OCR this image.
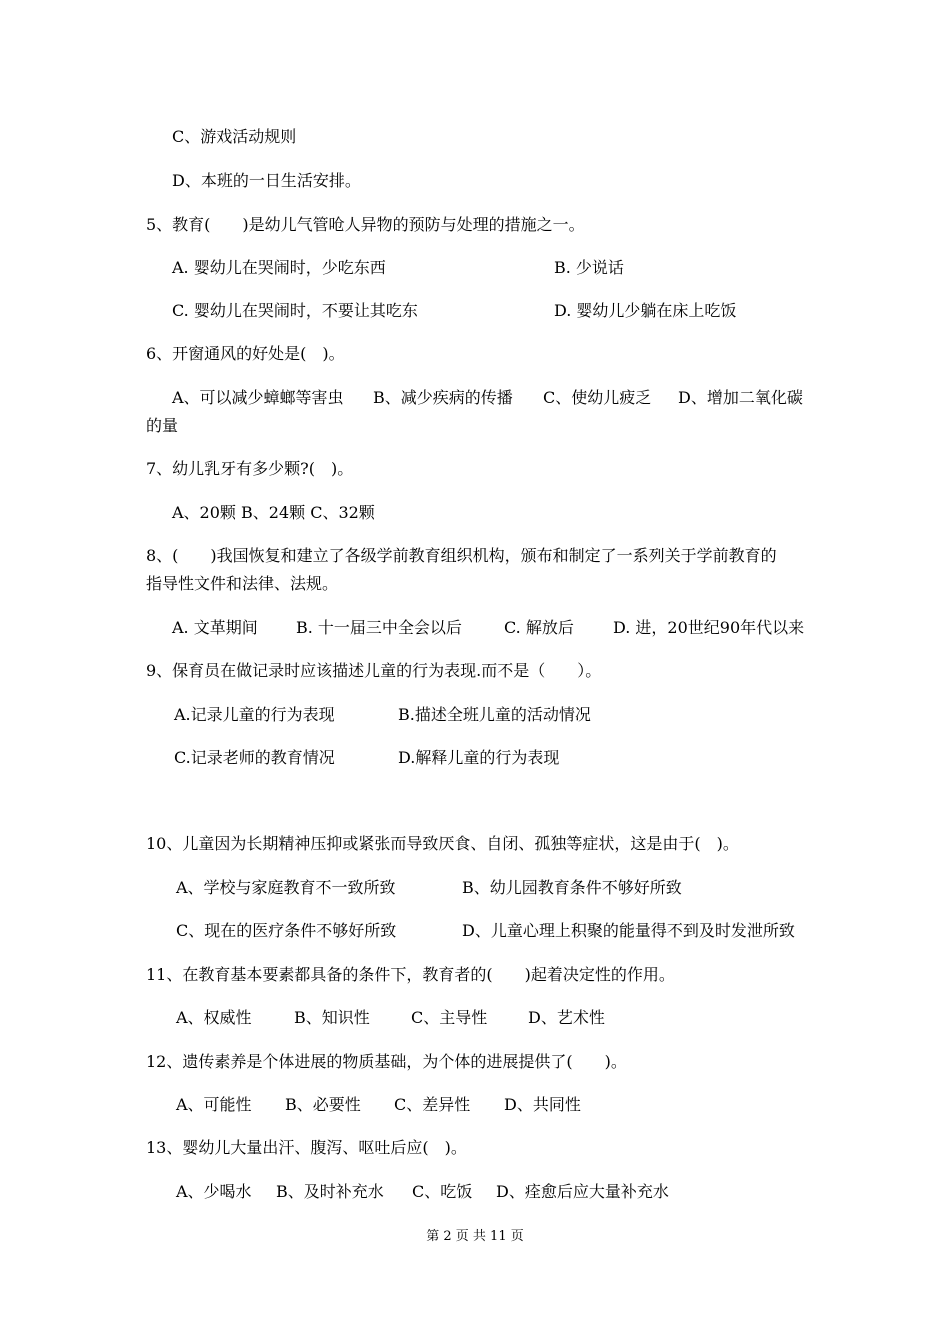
C、游戏活动规则
D、本班的一日生活安排。
5、教育(　　)是幼儿气管呛人异物的预防与处理的措施之一。
A. 婴幼儿在哭闹时，少吃东西	B. 少说话
C. 婴幼儿在哭闹时，不要让其吃东	D. 婴幼儿少躺在床上吃饭
6、开窗通风的好处是(　)。
A、可以减少蟑螂等害虫 B、减少疾病的传播 C、使幼儿疲乏 D、增加二氧化碳
的量
7、幼儿乳牙有多少颗?(　)。
A、20颗 B、24颗 C、32颗
8、(　　)我国恢复和建立了各级学前教育组织机构，颁布和制定了一系列关于学前教育的
指导性文件和法律、法规。
A. 文革期间 B. 十一届三中全会以后	C. 解放后 D. 进，20世纪90年代以来
9、保育员在做记录时应该描述儿童的行为表现.而不是（　　）。
A.记录儿童的行为表现	B.描述全班儿童的活动情况
C.记录老师的教育情况	D.解释儿童的行为表现
10、儿童因为长期精神压抑或紧张而导致厌食、自闭、孤独等症状，这是由于(　)。
A、学校与家庭教育不一致所致	B、幼儿园教育条件不够好所致
C、现在的医疗条件不够好所致	D、儿童心理上积聚的能量得不到及时发泄所致
11、在教育基本要素都具备的条件下，教育者的(　　)起着决定性的作用。
A、权威性	B、知识性	C、主导性	D、艺术性
12、遗传素养是个体进展的物质基础，为个体的进展提供了(　　)。
A、可能性 B、必要性 C、差异性 D、共同性
13、婴幼儿大量出汗、腹泻、呕吐后应(　)。
A、少喝水 B、及时补充水 C、吃饭 D、痊愈后应大量补充水
第 2 页 共 11 页
